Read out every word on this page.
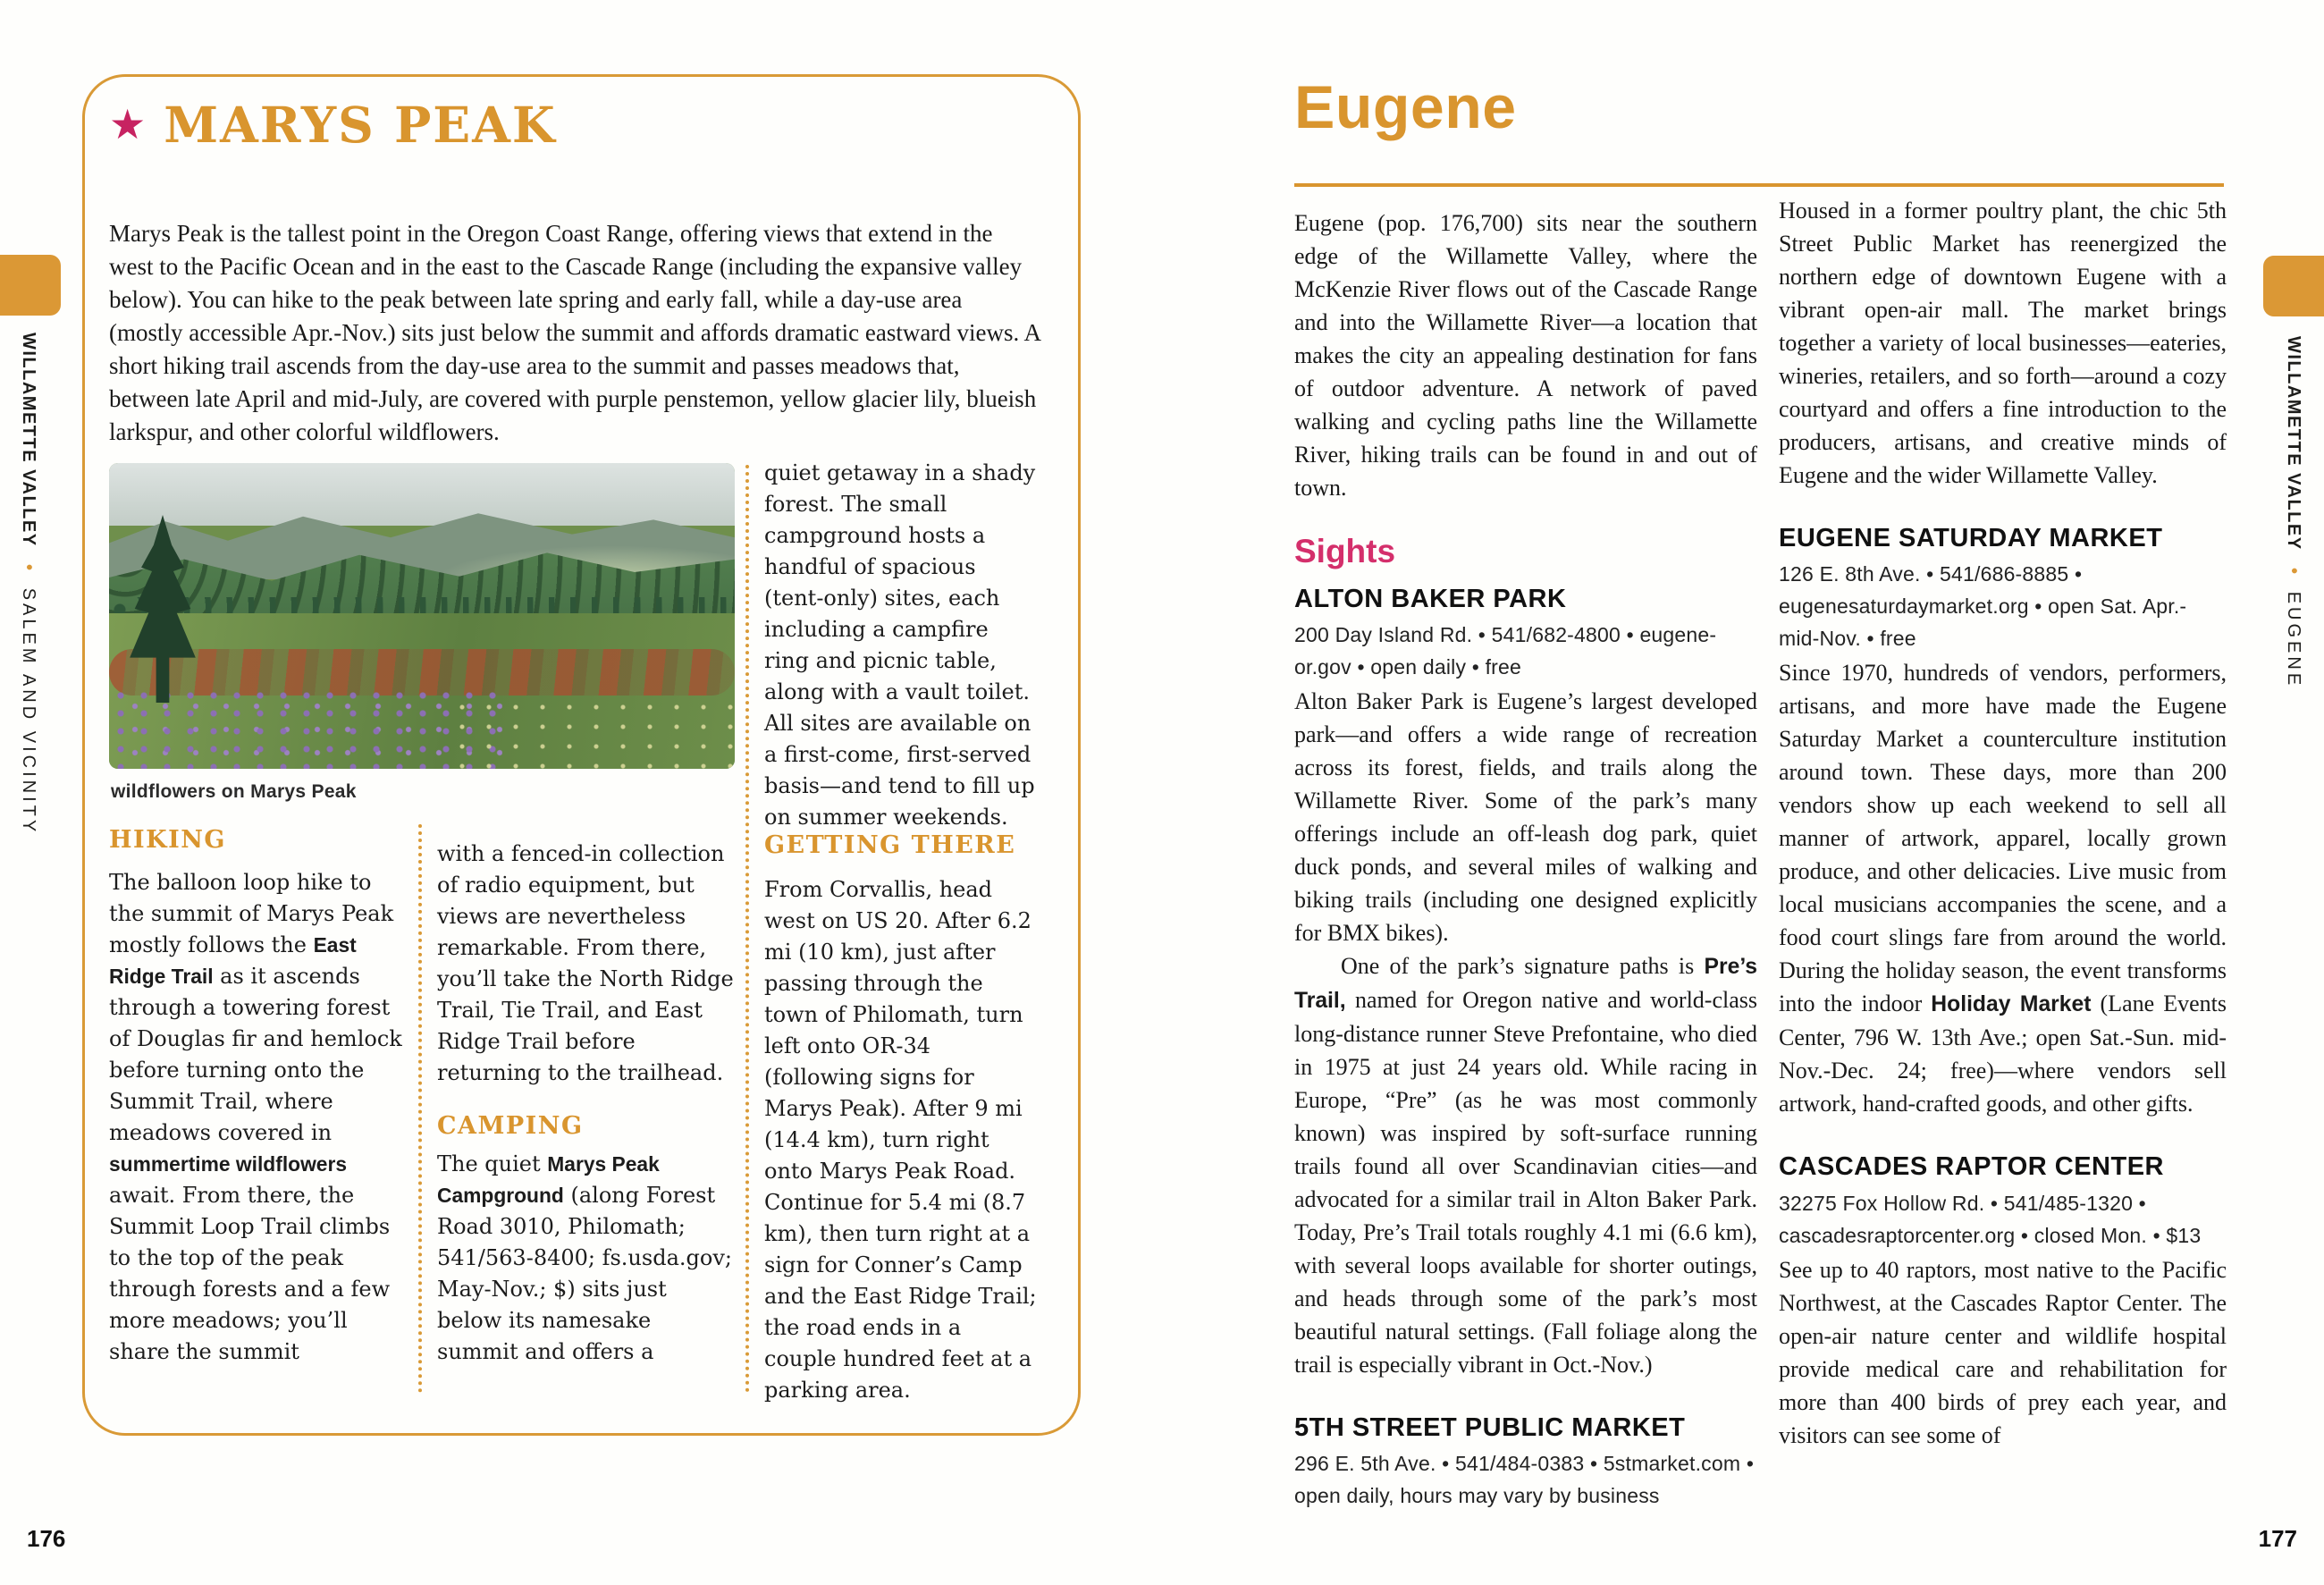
WILLAMETTE VALLEY • SALEM AND VICINITY
WILLAMETTE VALLEY • EUGENE
★ MARYS PEAK

Marys Peak is the tallest point in the Oregon Coast Range, offering views that extend in the west to the Pacific Ocean and in the east to the Cascade Range (including the expansive valley below). You can hike to the peak between late spring and early fall, while a day-use area (mostly accessible Apr.-Nov.) sits just below the summit and affords dramatic eastward views. A short hiking trail ascends from the day-use area to the summit and passes meadows that, between late April and mid-July, are covered with purple penstemon, yellow glacier lily, blueish larkspur, and other colorful wildflowers.

wildflowers on Marys Peak
HIKING

The balloon loop hike to the summit of Marys Peak mostly follows the East Ridge Trail as it ascends through a towering forest of Douglas fir and hemlock before turning onto the Summit Trail, where meadows covered in summertime wildflowers await. From there, the Summit Loop Trail climbs to the top of the peak through forests and a few more meadows; you’ll share the summit

with a fenced-in collection of radio equipment, but views are nevertheless remarkable. From there, you’ll take the North Ridge Trail, Tie Trail, and East Ridge Trail before returning to the trailhead.

CAMPING

The quiet Marys Peak Campground (along Forest Road 3010, Philomath; 541/563-8400; fs.usda.gov; May-Nov.; $) sits just below its namesake summit and offers a

quiet getaway in a shady forest. The small campground hosts a handful of spacious (tent-only) sites, each including a campfire ring and picnic table, along with a vault toilet. All sites are available on a first-come, first-served basis—and tend to fill up on summer weekends.

GETTING THERE

From Corvallis, head west on US 20. After 6.2 mi (10 km), just after passing through the town of Philomath, turn left onto OR-34 (following signs for Marys Peak). After 9 mi (14.4 km), turn right onto Marys Peak Road. Continue for 5.4 mi (8.7 km), then turn right at a sign for Conner’s Camp and the East Ridge Trail; the road ends in a couple hundred feet at a parking area.

Eugene

Eugene (pop. 176,700) sits near the southern edge of the Willamette Valley, where the McKenzie River flows out of the Cascade Range and into the Willamette River—a location that makes the city an appealing destination for fans of outdoor adventure. A network of paved walking and cycling paths line the Willamette River, hiking trails can be found in and out of town.

Sights
ALTON BAKER PARK

200 Day Island Rd. • 541/682-4800 • eugene-or.gov • open daily • free

Alton Baker Park is Eugene’s largest developed park—and offers a wide range of recreation across its forest, fields, and trails along the Willamette River. Some of the park’s many offerings include an off-leash dog park, quiet duck ponds, and several miles of walking and biking trails (including one designed explicitly for BMX bikes).

One of the park’s signature paths is Pre’s Trail, named for Oregon native and world-class long-distance runner Steve Prefontaine, who died in 1975 at just 24 years old. While racing in Europe, “Pre” (as he was most commonly known) was inspired by soft-surface running trails found all over Scandinavian cities—and advocated for a similar trail in Alton Baker Park. Today, Pre’s Trail totals roughly 4.1 mi (6.6 km), with several loops available for shorter outings, and heads through some of the park’s most beautiful natural settings. (Fall foliage along the trail is especially vibrant in Oct.-Nov.)

5TH STREET PUBLIC MARKET

296 E. 5th Ave. • 541/484-0383 • 5stmarket.com • open daily, hours may vary by business

Housed in a former poultry plant, the chic 5th Street Public Market has reenergized the northern edge of downtown Eugene with a vibrant open-air mall. The market brings together a variety of local businesses—eateries, wineries, retailers, and so forth—around a cozy courtyard and offers a fine introduction to the producers, artisans, and creative minds of Eugene and the wider Willamette Valley.

EUGENE SATURDAY MARKET

126 E. 8th Ave. • 541/686-8885 • eugenesaturdaymarket.org • open Sat. Apr.-mid-Nov. • free

Since 1970, hundreds of vendors, performers, artisans, and more have made the Eugene Saturday Market a counterculture institution around town. These days, more than 200 vendors show up each weekend to sell all manner of artwork, apparel, locally grown produce, and other delicacies. Live music from local musicians accompanies the scene, and a food court slings fare from around the world. During the holiday season, the event transforms into the indoor Holiday Market (Lane Events Center, 796 W. 13th Ave.; open Sat.-Sun. mid-Nov.-Dec. 24; free)—where vendors sell artwork, hand-crafted goods, and other gifts.

CASCADES RAPTOR CENTER

32275 Fox Hollow Rd. • 541/485-1320 • cascadesraptorcenter.org • closed Mon. • $13

See up to 40 raptors, most native to the Pacific Northwest, at the Cascades Raptor Center. The open-air nature center and wildlife hospital provide medical care and rehabilitation for more than 400 birds of prey each year, and visitors can see some of

176	177
